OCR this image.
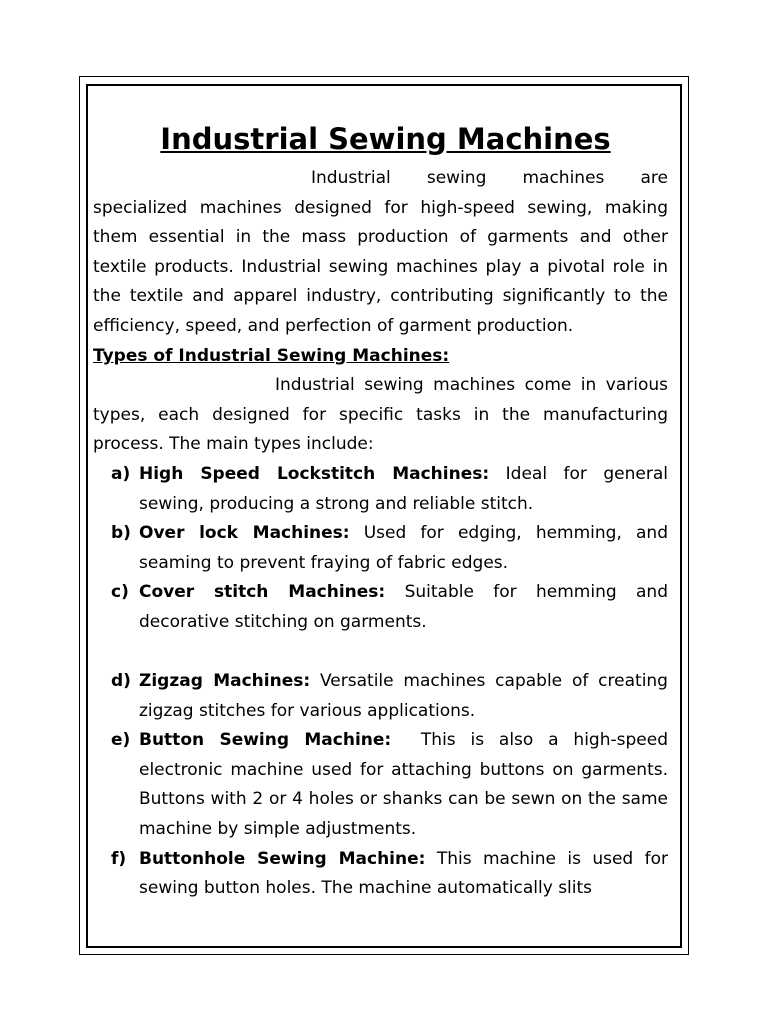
Industrial Sewing Machines

Industrial sewing machines are specialized machines designed for high-speed sewing, making them essential in the mass production of garments and other textile products. Industrial sewing machines play a pivotal role in the textile and apparel industry, contributing significantly to the efficiency, speed, and perfection of garment production.

Types of Industrial Sewing Machines:

Industrial sewing machines come in various types, each designed for specific tasks in the manufacturing process. The main types include:

a) High Speed Lockstitch Machines: Ideal for general sewing, producing a strong and reliable stitch.
b) Over lock Machines: Used for edging, hemming, and seaming to prevent fraying of fabric edges.
c) Cover stitch Machines: Suitable for hemming and decorative stitching on garments.
d) Zigzag Machines: Versatile machines capable of creating zigzag stitches for various applications.
e) Button Sewing Machine:  This is also a high-speed electronic machine used for attaching buttons on garments. Buttons with 2 or 4 holes or shanks can be sewn on the same machine by simple adjustments.
f) Buttonhole Sewing Machine: This machine is used for sewing button holes. The machine automatically slits
